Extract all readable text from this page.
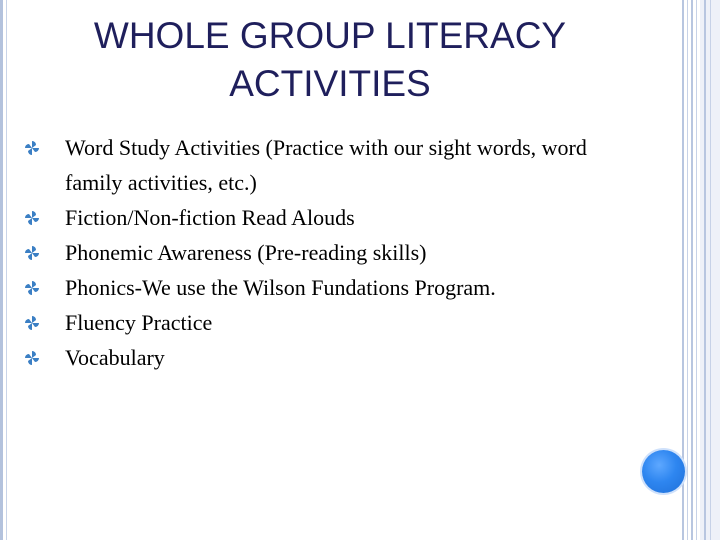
WHOLE GROUP LITERACY ACTIVITIES
Word Study Activities (Practice with our sight words, word family activities, etc.)
Fiction/Non-fiction Read Alouds
Phonemic Awareness (Pre-reading skills)
Phonics-We use the Wilson Fundations Program.
Fluency Practice
Vocabulary
